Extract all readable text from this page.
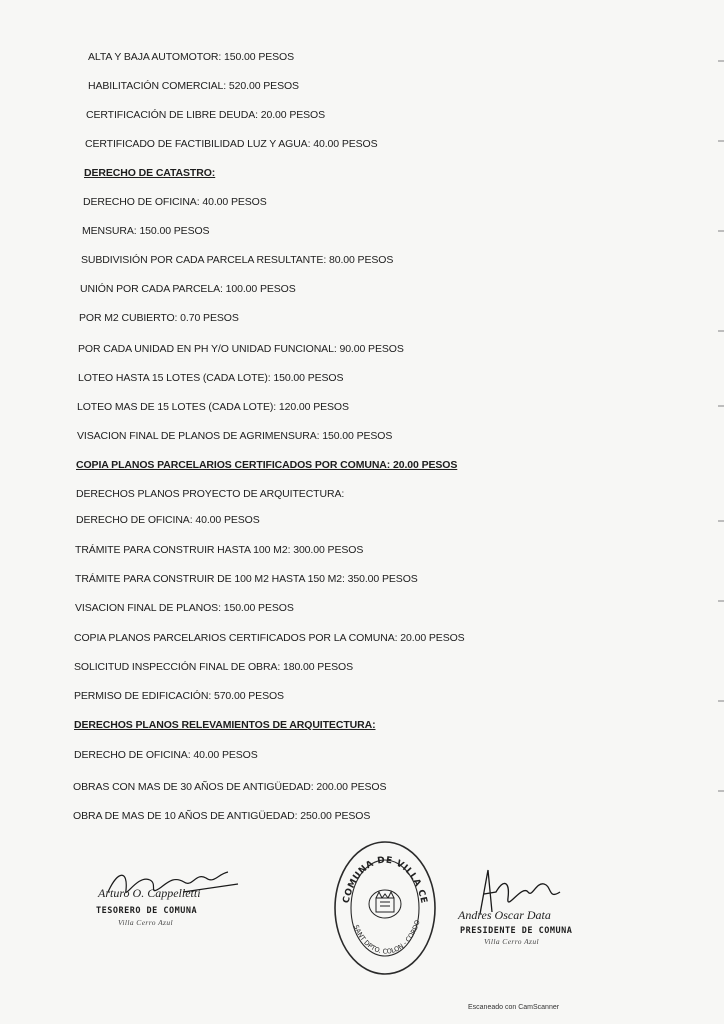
ALTA Y BAJA AUTOMOTOR: 150.00 PESOS
HABILITACIÓN COMERCIAL: 520.00 PESOS
CERTIFICACIÓN DE LIBRE DEUDA: 20.00 PESOS
CERTIFICADO DE FACTIBILIDAD LUZ Y AGUA: 40.00 PESOS
DERECHO DE CATASTRO:
DERECHO DE OFICINA: 40.00 PESOS
MENSURA: 150.00 PESOS
SUBDIVISIÓN POR CADA PARCELA RESULTANTE: 80.00 PESOS
UNIÓN POR CADA PARCELA: 100.00 PESOS
POR M2 CUBIERTO: 0.70 PESOS
POR CADA UNIDAD EN PH Y/O UNIDAD FUNCIONAL: 90.00 PESOS
LOTEO HASTA 15 LOTES (CADA LOTE): 150.00 PESOS
LOTEO MAS DE 15 LOTES (CADA LOTE): 120.00 PESOS
VISACION FINAL DE PLANOS DE AGRIMENSURA: 150.00 PESOS
COPIA PLANOS PARCELARIOS CERTIFICADOS POR COMUNA: 20.00 PESOS
DERECHOS PLANOS PROYECTO DE ARQUITECTURA:
DERECHO DE OFICINA: 40.00 PESOS
TRÁMITE PARA CONSTRUIR HASTA 100 M2: 300.00 PESOS
TRÁMITE PARA CONSTRUIR DE 100 M2 HASTA 150 M2: 350.00 PESOS
VISACION FINAL DE PLANOS: 150.00 PESOS
COPIA PLANOS PARCELARIOS CERTIFICADOS POR LA COMUNA: 20.00 PESOS
SOLICITUD INSPECCIÓN FINAL DE OBRA: 180.00 PESOS
PERMISO DE EDIFICACIÓN: 570.00 PESOS
DERECHOS PLANOS RELEVAMIENTOS DE ARQUITECTURA:
DERECHO DE OFICINA: 40.00 PESOS
OBRAS CON MAS DE 30 AÑOS DE ANTIGÜEDAD: 200.00 PESOS
OBRA DE MAS DE 10 AÑOS DE ANTIGÜEDAD: 250.00 PESOS
Arturo O. Cappelletti
TESORERO DE COMUNA
Villa Cerro Azul
COMUNA DE VILLA CE
SANT DPTO. COLON - CORDO
Andres Oscar Data
PRESIDENTE DE COMUNA
Villa Cerro Azul
Escaneado con CamScanner
